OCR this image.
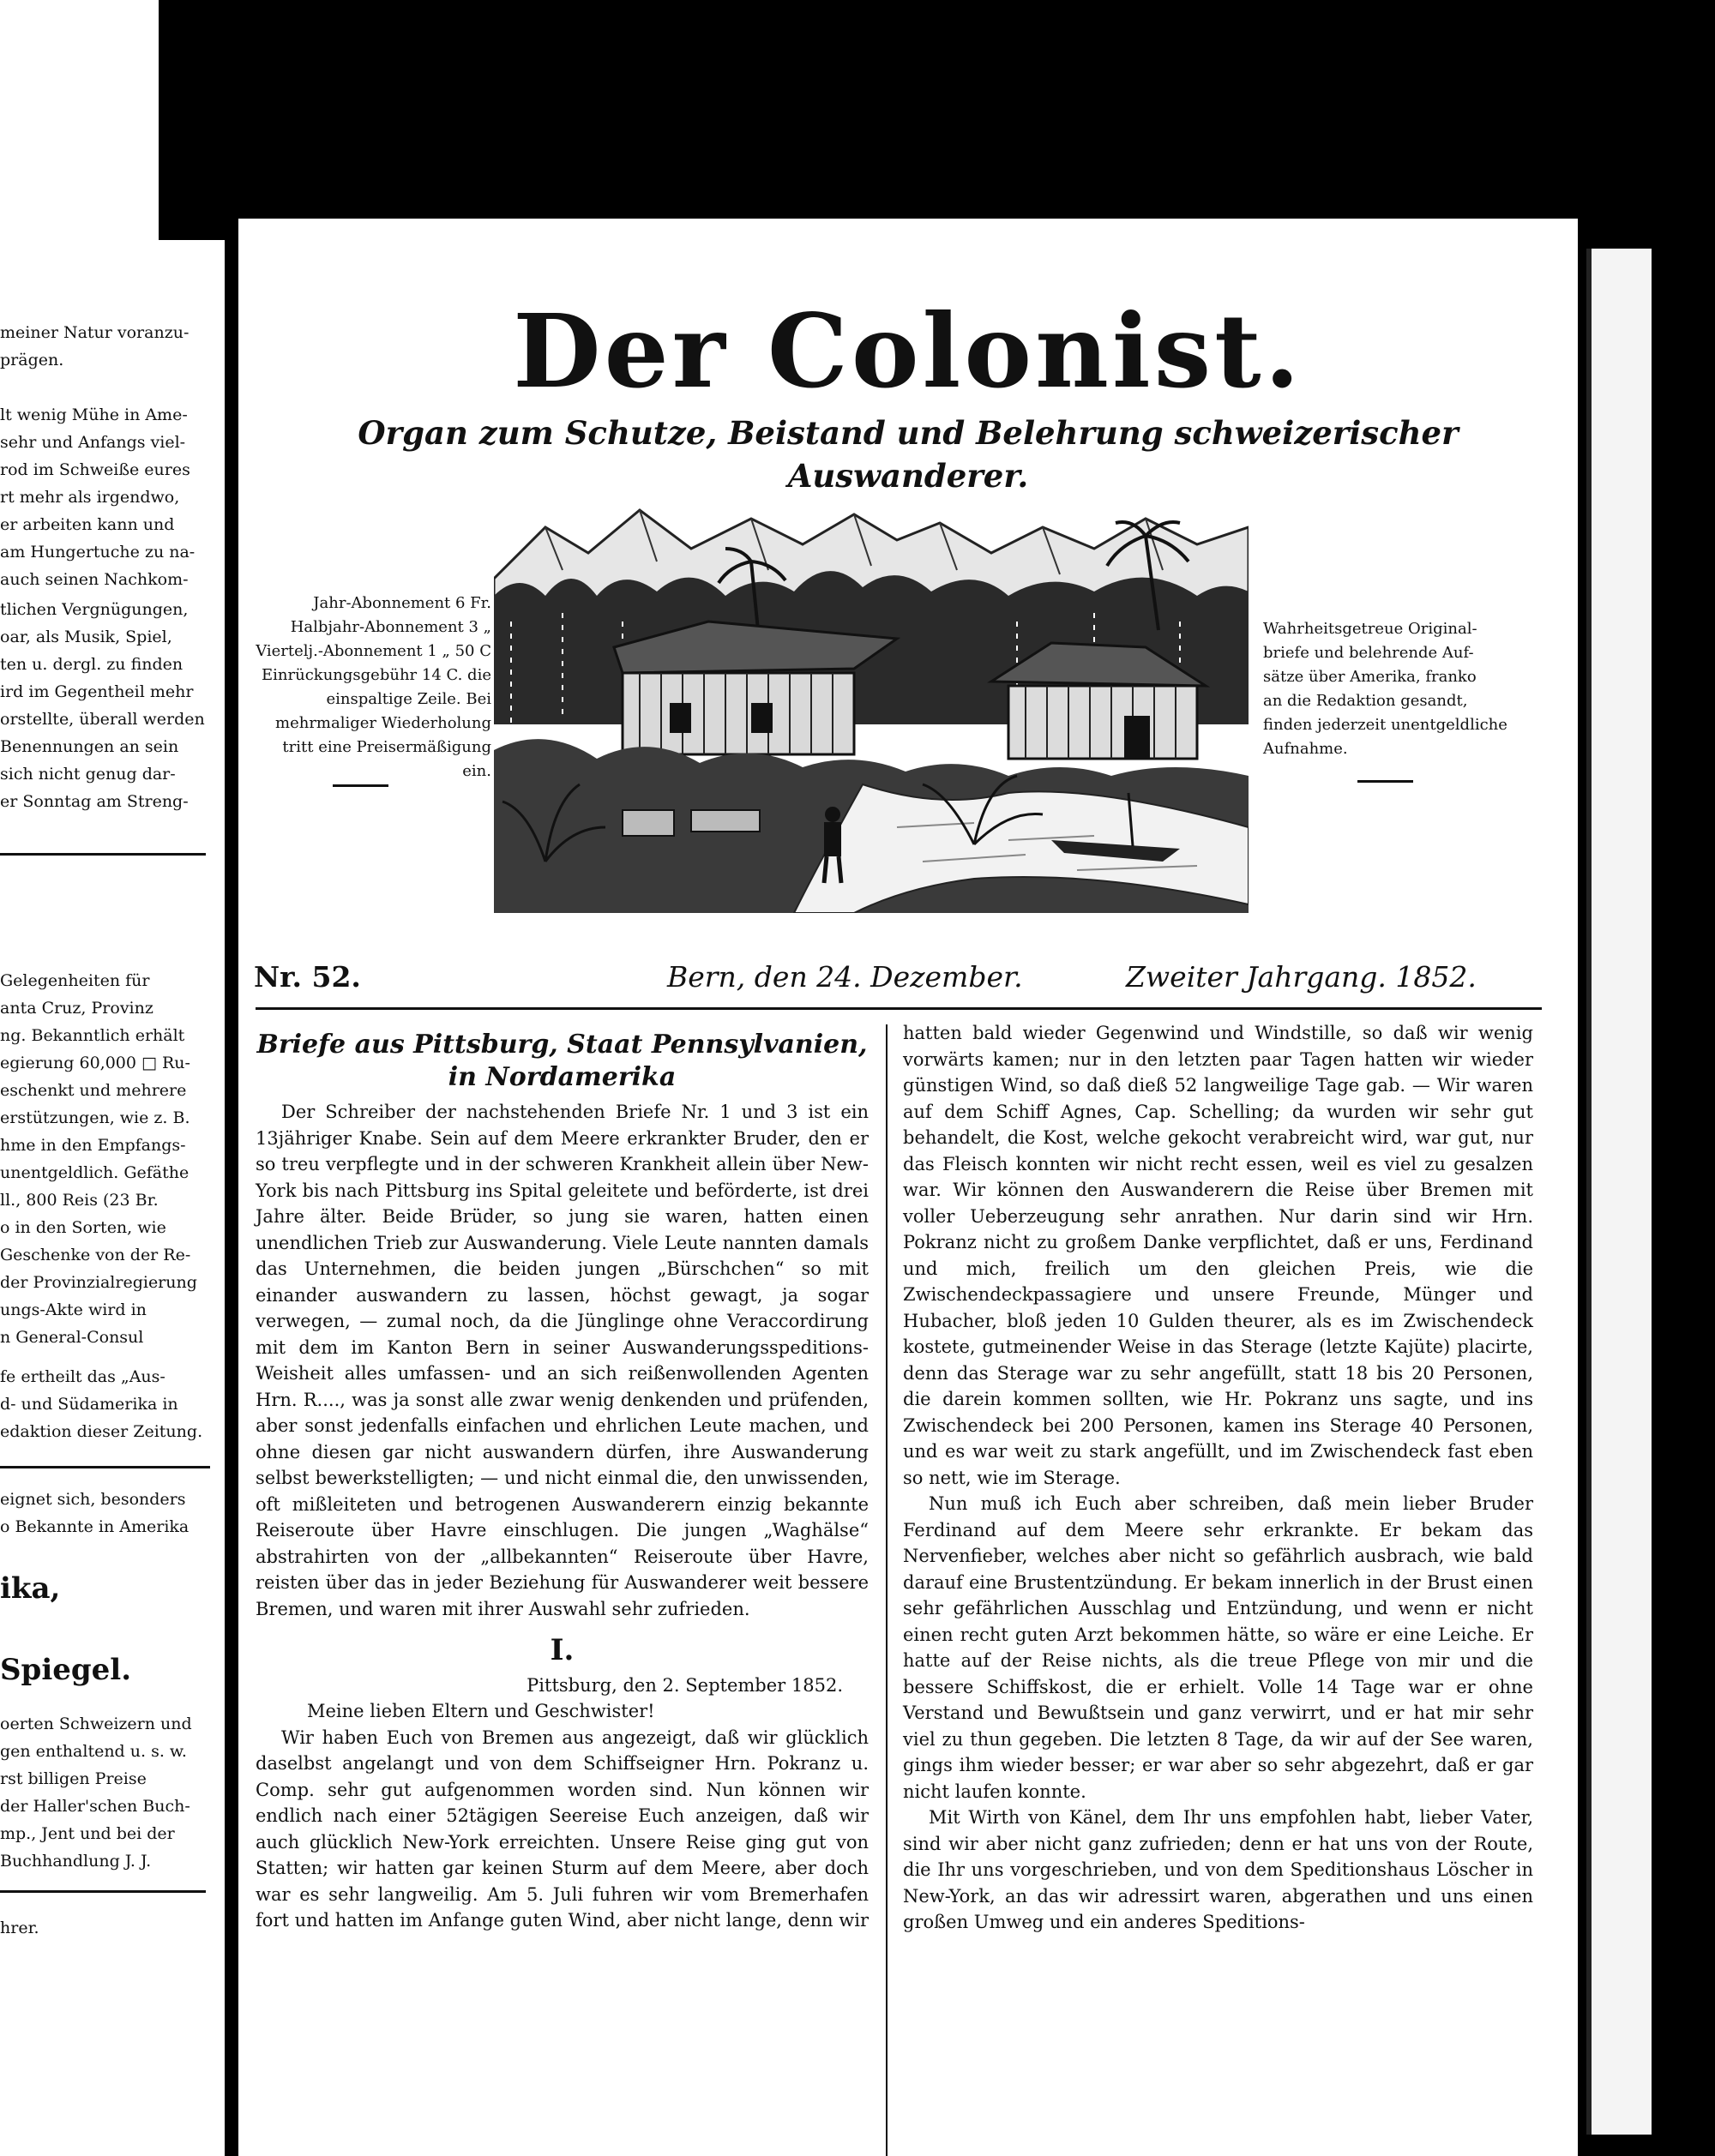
meiner Natur voranzu-
prägen.

lt wenig Mühe in Ame-
sehr und Anfangs viel-
rod im Schweiße eures
rt mehr als irgendwo,
er arbeiten kann und
am Hungertuche zu na-
auch seinen Nachkom-
tlichen Vergnügungen,
oar, als Musik, Spiel,
ten u. dergl. zu finden
ird im Gegentheil mehr
orstellte, überall werden
Benennungen an sein
sich nicht genug dar-
er Sonntag am Streng-
Gelegenheiten für
anta Cruz, Provinz
ng. Bekanntlich erhält
egierung 60,000 □ Ru-
eschenkt und mehrere
erstützungen, wie z. B.
hme in den Empfangs-
unentgeldlich. Gefäthe
ll., 800 Reis (23 Br.
o in den Sorten, wie
Geschenke von der Re-
der Provinzialregierung
ungs-Akte wird in
n General-Consul
fe ertheilt das „Aus-
d- und Südamerika in
edaktion dieser Zeitung.
eignet sich, besonders
o Bekannte in Amerika
ika,
Spiegel.
oerten Schweizern und
gen enthaltend u. s. w.
rst billigen Preise
der Haller'schen Buch-
mp., Jent und bei der
Buchhandlung J. J.
hrer.
Der Colonist.
Organ zum Schutze, Beistand und Belehrung schweizerischer Auswanderer.
Jahr-Abonnement 6 Fr.
Halbjahr-Abonnement 3 „
Viertelj.-Abonnement 1 „ 50 C
Einrückungsgebühr 14 C. die
einspaltige Zeile. Bei
mehrmaliger Wiederholung
tritt eine Preisermäßigung
ein.
Wahrheitsgetreue Original-
briefe und belehrende Auf-
sätze über Amerika, franko
an die Redaktion gesandt,
finden jederzeit unentgeldliche
Aufnahme.
Nr. 52.	Bern, den 24. Dezember.	Zweiter Jahrgang. 1852.
Briefe aus Pittsburg, Staat Pennsylvanien, in Nordamerika

Der Schreiber der nachstehenden Briefe Nr. 1 und 3 ist ein 13jähriger Knabe. Sein auf dem Meere erkrankter Bruder, den er so treu verpflegte und in der schweren Krankheit allein über New-York bis nach Pittsburg ins Spital geleitete und beförderte, ist drei Jahre älter. Beide Brüder, so jung sie waren, hatten einen unendlichen Trieb zur Auswanderung. Viele Leute nannten damals das Unternehmen, die beiden jungen „Bürschchen“ so mit einander auswandern zu lassen, höchst gewagt, ja sogar verwegen, — zumal noch, da die Jünglinge ohne Veraccordirung mit dem im Kanton Bern in seiner Auswanderungsspeditions-Weisheit alles umfassen- und an sich reißenwollenden Agenten Hrn. R...., was ja sonst alle zwar wenig denkenden und prüfenden, aber sonst jedenfalls einfachen und ehrlichen Leute machen, und ohne diesen gar nicht auswandern dürfen, ihre Auswanderung selbst bewerkstelligten; — und nicht einmal die, den unwissenden, oft mißleiteten und betrogenen Auswanderern einzig bekannte Reiseroute über Havre einschlugen. Die jungen „Waghälse“ abstrahirten von der „allbekannten“ Reiseroute über Havre, reisten über das in jeder Beziehung für Auswanderer weit bessere Bremen, und waren mit ihrer Auswahl sehr zufrieden.

I.

Pittsburg, den 2. September 1852.

Meine lieben Eltern und Geschwister!

Wir haben Euch von Bremen aus angezeigt, daß wir glücklich daselbst angelangt und von dem Schiffseigner Hrn. Pokranz u. Comp. sehr gut aufgenommen worden sind. Nun können wir endlich nach einer 52tägigen Seereise Euch anzeigen, daß wir auch glücklich New-York erreichten. Unsere Reise ging gut von Statten; wir hatten gar keinen Sturm auf dem Meere, aber doch war es sehr langweilig. Am 5. Juli fuhren wir vom Bremerhafen fort und hatten im Anfange guten Wind, aber nicht lange, denn wir

hatten bald wieder Gegenwind und Windstille, so daß wir wenig vorwärts kamen; nur in den letzten paar Tagen hatten wir wieder günstigen Wind, so daß dieß 52 langweilige Tage gab. — Wir waren auf dem Schiff Agnes, Cap. Schelling; da wurden wir sehr gut behandelt, die Kost, welche gekocht verabreicht wird, war gut, nur das Fleisch konnten wir nicht recht essen, weil es viel zu gesalzen war. Wir können den Auswanderern die Reise über Bremen mit voller Ueberzeugung sehr anrathen. Nur darin sind wir Hrn. Pokranz nicht zu großem Danke verpflichtet, daß er uns, Ferdinand und mich, freilich um den gleichen Preis, wie die Zwischendeckpassagiere und unsere Freunde, Münger und Hubacher, bloß jeden 10 Gulden theurer, als es im Zwischendeck kostete, gutmeinender Weise in das Sterage (letzte Kajüte) placirte, denn das Sterage war zu sehr angefüllt, statt 18 bis 20 Personen, die darein kommen sollten, wie Hr. Pokranz uns sagte, und ins Zwischendeck bei 200 Personen, kamen ins Sterage 40 Personen, und es war weit zu stark angefüllt, und im Zwischendeck fast eben so nett, wie im Sterage.

Nun muß ich Euch aber schreiben, daß mein lieber Bruder Ferdinand auf dem Meere sehr erkrankte. Er bekam das Nervenfieber, welches aber nicht so gefährlich ausbrach, wie bald darauf eine Brustentzündung. Er bekam innerlich in der Brust einen sehr gefährlichen Ausschlag und Entzündung, und wenn er nicht einen recht guten Arzt bekommen hätte, so wäre er eine Leiche. Er hatte auf der Reise nichts, als die treue Pflege von mir und die bessere Schiffskost, die er erhielt. Volle 14 Tage war er ohne Verstand und Bewußtsein und ganz verwirrt, und er hat mir sehr viel zu thun gegeben. Die letzten 8 Tage, da wir auf der See waren, gings ihm wieder besser; er war aber so sehr abgezehrt, daß er gar nicht laufen konnte.

Mit Wirth von Känel, dem Ihr uns empfohlen habt, lieber Vater, sind wir aber nicht ganz zufrieden; denn er hat uns von der Route, die Ihr uns vorgeschrieben, und von dem Speditionshaus Löscher in New-York, an das wir adressirt waren, abgerathen und uns einen großen Umweg und ein anderes Speditions-
